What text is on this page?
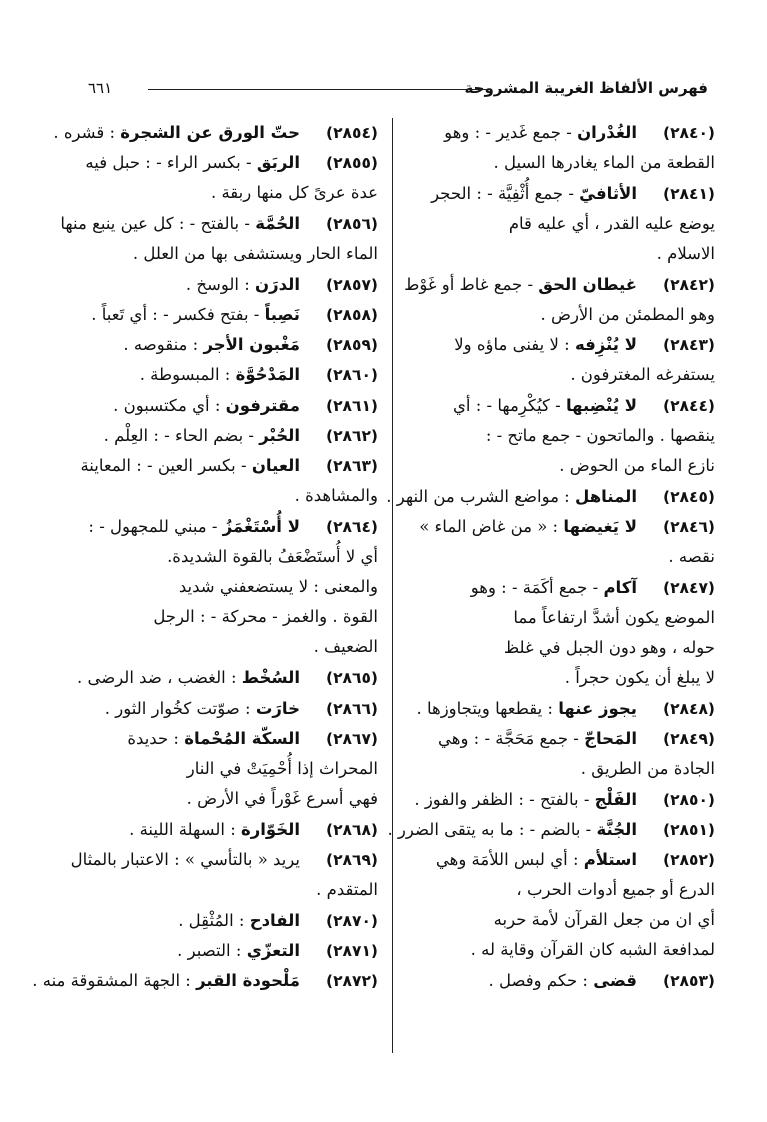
فهرس الألفاظ الغريبة المشروحة
٦٦١
(٢٨٤٠)الغُدْران - جمع غَدير - : وهو
القطعة من الماء يغادرها السيل .
(٢٨٤١)الأثافيّ - جمع أُثْفِيَّة - : الحجر
يوضع عليه القدر ، أي عليه قام
الاسلام .
(٢٨٤٢)غيطان الحق - جمع غاط أو غَوْط
وهو المطمئن من الأرض .
(٢٨٤٣)لا يُنْزِفه : لا يفنى ماؤه ولا
يستفرغه المغترفون .
(٢٨٤٤)لا يُنْضِبها - كيُكْرِمها - : أي
ينقصها . والماتحون - جمع ماتح - :
نازع الماء من الحوض .
(٢٨٤٥)المناهل : مواضع الشرب من النهر .
(٢٨٤٦)لا يَغيضها : « من غاض الماء »
نقصه .
(٢٨٤٧)آكام - جمع أكَمَة - : وهو
الموضع يكون أشدَّ ارتفاعاً مما
حوله ، وهو دون الجبل في غلظ
لا يبلغ أن يكون حجراً .
(٢٨٤٨)يجوز عنها : يقطعها ويتجاوزها .
(٢٨٤٩)المَحاجّ - جمع مَحَجَّة - : وهي
الجادة من الطريق .
(٢٨٥٠)الفَلْج - بالفتح - : الظفر والفوز .
(٢٨٥١)الجُنَّة - بالضم - : ما به يتقى الضرر .
(٢٨٥٢)استلأم : أي لبس اللأمَة وهي
الدرع أو جميع أدوات الحرب ،
أي ان من جعل القرآن لأمة حربه
لمدافعة الشبه كان القرآن وقاية له .
(٢٨٥٣)قضى : حكم وفصل .
(٢٨٥٤)حتّ الورق عن الشجرة : قشره .
(٢٨٥٥)الربَق - بكسر الراء - : حبل فيه
عدة عرىً كل منها ربقة .
(٢٨٥٦)الحُمَّة - بالفتح - : كل عين ينبع منها
الماء الحار ويستشفى بها من العلل .
(٢٨٥٧)الدرَن : الوسخ .
(٢٨٥٨)نَصِباً - بفتح فكسر - : أي تَعباً .
(٢٨٥٩)مَغْبون الأجر : منقوصه .
(٢٨٦٠)المَدْحُوَّة : المبسوطة .
(٢٨٦١)مقترفون : أي مكتسبون .
(٢٨٦٢)الحُبْر - بضم الحاء - : العِلْم .
(٢٨٦٣)العيان - بكسر العين - : المعاينة
والمشاهدة .
(٢٨٦٤)لا أُسْتَغْمَزُ - مبني للمجهول - :
أي لا أُستَضْعَفُ بالقوة الشديدة.
والمعنى : لا يستضعفني شديد
القوة . والغمز - محركة - : الرجل
الضعيف .
(٢٨٦٥)السُخْط : الغضب ، ضد الرضى .
(٢٨٦٦)خارَت : صوّتت كخُوار الثور .
(٢٨٦٧)السكّة المُحْماة : حديدة
المحراث إذا أُحْمِيَتْ في النار
فهي أسرع غَوْراً في الأرض .
(٢٨٦٨)الخَوّارة : السهلة اللينة .
(٢٨٦٩)يريد « بالتأسي » : الاعتبار بالمثال
المتقدم .
(٢٨٧٠)الفادح : المُثْقِل .
(٢٨٧١)التعزّي : التصبر .
(٢٨٧٢)مَلْحودة القبر : الجهة المشقوقة منه .
